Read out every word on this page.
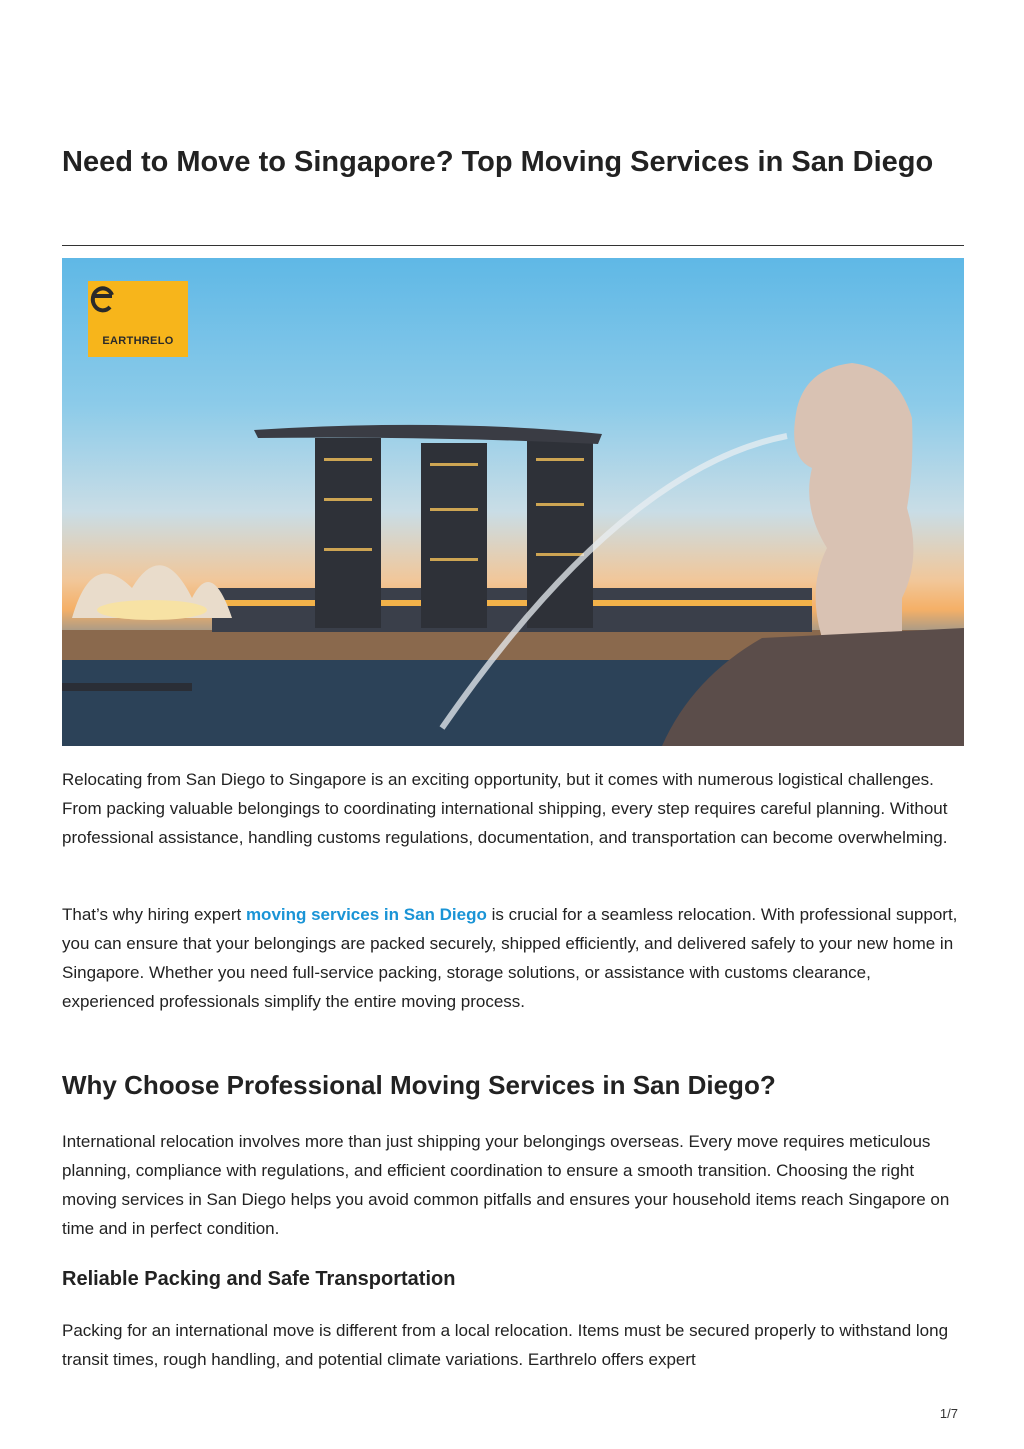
Need to Move to Singapore? Top Moving Services in San Diego
EARTHRELO

Relocating from San Diego to Singapore is an exciting opportunity, but it comes with numerous logistical challenges. From packing valuable belongings to coordinating international shipping, every step requires careful planning. Without professional assistance, handling customs regulations, documentation, and transportation can become overwhelming.

That’s why hiring expert moving services in San Diego is crucial for a seamless relocation. With professional support, you can ensure that your belongings are packed securely, shipped efficiently, and delivered safely to your new home in Singapore. Whether you need full-service packing, storage solutions, or assistance with customs clearance, experienced professionals simplify the entire moving process.

Why Choose Professional Moving Services in San Diego?

International relocation involves more than just shipping your belongings overseas. Every move requires meticulous planning, compliance with regulations, and efficient coordination to ensure a smooth transition. Choosing the right moving services in San Diego helps you avoid common pitfalls and ensures your household items reach Singapore on time and in perfect condition.

Reliable Packing and Safe Transportation

Packing for an international move is different from a local relocation. Items must be secured properly to withstand long transit times, rough handling, and potential climate variations. Earthrelo offers expert

1/7
